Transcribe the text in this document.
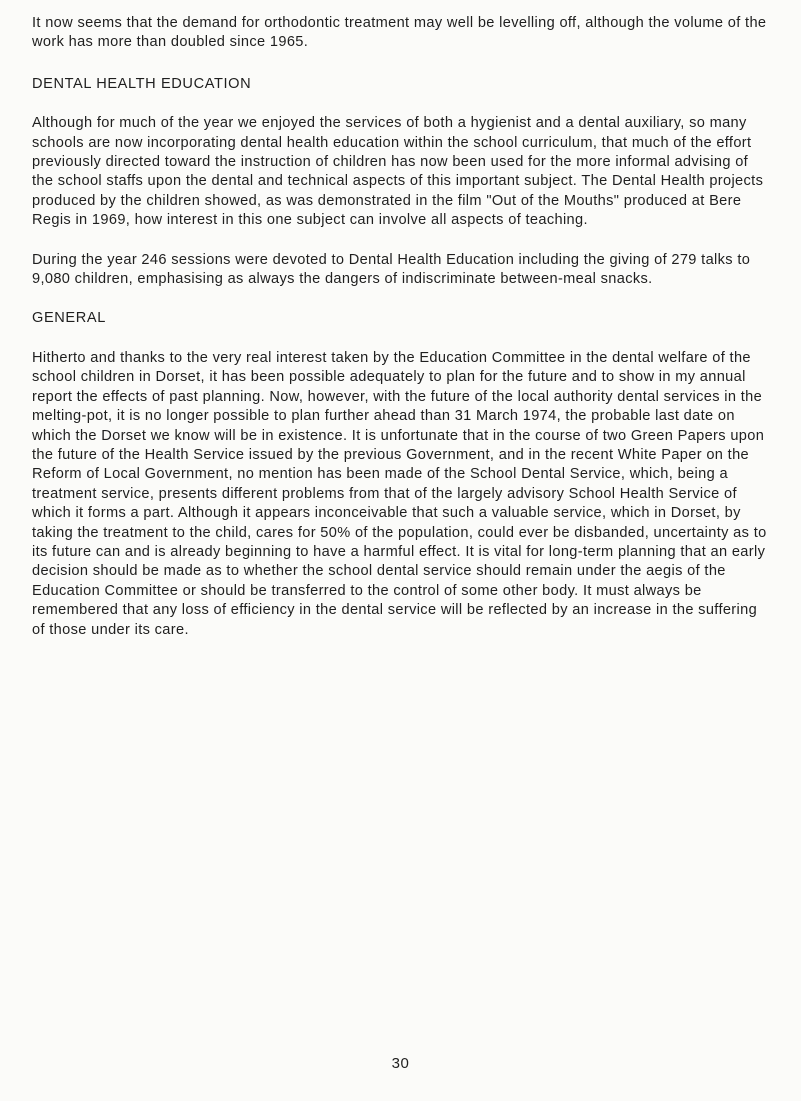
It now seems that the demand for orthodontic treatment may well be levelling off, although the volume of the work has more than doubled since 1965.

DENTAL HEALTH EDUCATION

Although for much of the year we enjoyed the services of both a hygienist and a dental auxiliary, so many schools are now incorporating dental health education within the school curriculum, that much of the effort previously directed toward the instruction of children has now been used for the more informal advising of the school staffs upon the dental and technical aspects of this important subject. The Dental Health projects produced by the children showed, as was demonstrated in the film "Out of the Mouths" produced at Bere Regis in 1969, how interest in this one subject can involve all aspects of teaching.

During the year 246 sessions were devoted to Dental Health Education including the giving of 279 talks to 9,080 children, emphasising as always the dangers of indiscriminate between-meal snacks.

GENERAL

Hitherto and thanks to the very real interest taken by the Education Committee in the dental welfare of the school children in Dorset, it has been possible adequately to plan for the future and to show in my annual report the effects of past planning. Now, however, with the future of the local authority dental services in the melting-pot, it is no longer possible to plan further ahead than 31 March 1974, the probable last date on which the Dorset we know will be in existence. It is unfortunate that in the course of two Green Papers upon the future of the Health Service issued by the previous Government, and in the recent White Paper on the Reform of Local Government, no mention has been made of the School Dental Service, which, being a treatment service, presents different problems from that of the largely advisory School Health Service of which it forms a part. Although it appears inconceivable that such a valuable service, which in Dorset, by taking the treatment to the child, cares for 50% of the population, could ever be disbanded, uncertainty as to its future can and is already beginning to have a harmful effect. It is vital for long-term planning that an early decision should be made as to whether the school dental service should remain under the aegis of the Education Committee or should be transferred to the control of some other body. It must always be remembered that any loss of efficiency in the dental service will be reflected by an increase in the suffering of those under its care.

30
